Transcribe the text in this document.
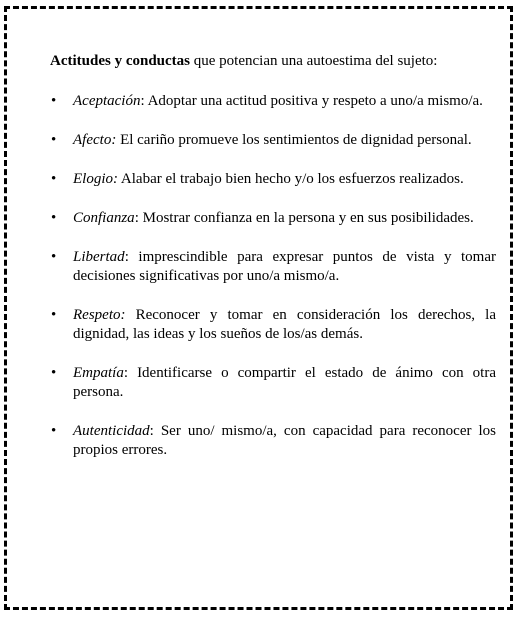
Actitudes y conductas que potencian una autoestima del sujeto:

• Aceptación: Adoptar una actitud positiva y respeto a uno/a mismo/a.
• Afecto: El cariño promueve los sentimientos de dignidad personal.
• Elogio: Alabar el trabajo bien hecho y/o los esfuerzos realizados.
• Confianza: Mostrar confianza en la persona y en sus posibilidades.
• Libertad: imprescindible para expresar puntos de vista y tomar decisiones significativas por uno/a mismo/a.
• Respeto: Reconocer y tomar en consideración los derechos, la dignidad, las ideas y los sueños de los/as demás.
• Empatía: Identificarse o compartir el estado de ánimo con otra persona.
• Autenticidad: Ser uno/ mismo/a, con capacidad para reconocer los propios errores.
